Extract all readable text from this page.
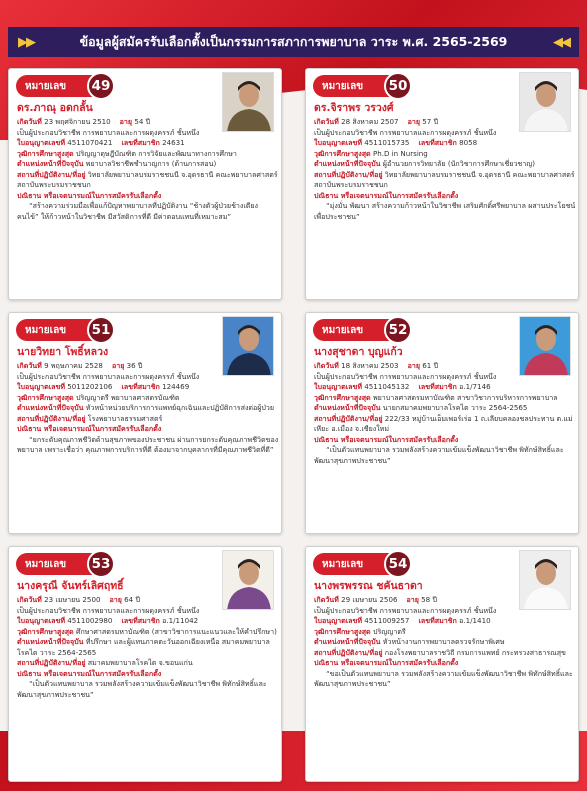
▶▶	ข้อมูลผู้สมัครรับเลือกตั้งเป็นกรรมการสภาการพยาบาล วาระ พ.ศ. 2565-2569	◀◀
หมายเลข	49
ดร.ภาณุ อดกลั้น
เกิดวันที่ 23 พฤศจิกายน 2510 อายุ 54 ปี
เป็นผู้ประกอบวิชาชีพ การพยาบาลและการผดุงครรภ์ ชั้นหนึ่ง
ใบอนุญาตเลขที่ 4511070421 เลขที่สมาชิก 24631
วุฒิการศึกษาสูงสุด ปริญญาดุษฎีบัณฑิต การวิจัยและพัฒนาทางการศึกษา
ตำแหน่งหน้าที่ปัจจุบัน พยาบาลวิชาชีพชำนาญการ (ด้านการสอน)
สถานที่ปฏิบัติงาน/ที่อยู่ วิทยาลัยพยาบาลบรมราชชนนี จ.อุดรธานี คณะพยาบาลศาสตร์ สถาบันพระบรมราชชนก
ปณิธาน หรือเจตนารมณ์ในการสมัครรับเลือกตั้ง
“สร้างความร่วมมือเพื่อแก้ปัญหาพยาบาลที่ปฏิบัติงาน “ช้างตัวผู้ป่วยช้างเตียงคนไข้” ให้ก้าวหน้าในวิชาชีพ มีสวัสดิการที่ดี มีค่าตอบแทนที่เหมาะสม”
หมายเลข	50
ดร.จิราพร วรวงศ์
เกิดวันที่ 28 สิงหาคม 2507 อายุ 57 ปี
เป็นผู้ประกอบวิชาชีพ การพยาบาลและการผดุงครรภ์ ชั้นหนึ่ง
ใบอนุญาตเลขที่ 4511015735 เลขที่สมาชิก 8058
วุฒิการศึกษาสูงสุด Ph.D in Nursing
ตำแหน่งหน้าที่ปัจจุบัน ผู้อำนวยการวิทยาลัย (นักวิชาการศึกษาเชี่ยวชาญ)
สถานที่ปฏิบัติงาน/ที่อยู่ วิทยาลัยพยาบาลบรมราชชนนี จ.อุดรธานี คณะพยาบาลศาสตร์ สถาบันพระบรมราชชนก
ปณิธาน หรือเจตนารมณ์ในการสมัครรับเลือกตั้ง
“มุ่งมั่น พัฒนา สร้างความก้าวหน้าในวิชาชีพ เสริมศักดิ์ศรีพยาบาล ผสานประโยชน์เพื่อประชาชน”
หมายเลข	51
นายวิทยา โพธิ์หลวง
เกิดวันที่ 9 พฤษภาคม 2528 อายุ 36 ปี
เป็นผู้ประกอบวิชาชีพ การพยาบาลและการผดุงครรภ์ ชั้นหนึ่ง
ใบอนุญาตเลขที่ 5011202106 เลขที่สมาชิก 124469
วุฒิการศึกษาสูงสุด ปริญญาตรี พยาบาลศาสตรบัณฑิต
ตำแหน่งหน้าที่ปัจจุบัน หัวหน้าหน่วยบริการการแพทย์ฉุกเฉินและปฏิบัติการส่งต่อผู้ป่วย
สถานที่ปฏิบัติงาน/ที่อยู่ โรงพยาบาลธรรมศาสตร์
ปณิธาน หรือเจตนารมณ์ในการสมัครรับเลือกตั้ง
“ยกระดับคุณภาพชีวิตด้านสุขภาพของประชาชน ผ่านการยกระดับคุณภาพชีวิตของพยาบาล เพราะเชื่อว่า คุณภาพการบริการที่ดี ต้องมาจากบุคลากรที่มีคุณภาพชีวิตที่ดี”
หมายเลข	52
นางสุชาดา บุญแก้ว
เกิดวันที่ 18 สิงหาคม 2503 อายุ 61 ปี
เป็นผู้ประกอบวิชาชีพ การพยาบาลและการผดุงครรภ์ ชั้นหนึ่ง
ใบอนุญาตเลขที่ 4511045132 เลขที่สมาชิก อ.1/7146
วุฒิการศึกษาสูงสุด พยาบาลศาสตรมหาบัณฑิต สาขาวิชาการบริหารการพยาบาล
ตำแหน่งหน้าที่ปัจจุบัน นายกสมาคมพยาบาลโรคไต วาระ 2564-2565
สถานที่ปฏิบัติงาน/ที่อยู่ 222/33 หมู่บ้านเอ็มเพอร์เร่อ 1 ถ.เลียบคลองชลประทาน ต.แม่เหียะ อ.เมือง จ.เชียงใหม่
ปณิธาน หรือเจตนารมณ์ในการสมัครรับเลือกตั้ง
“เป็นตัวแทนพยาบาล รวมพลังสร้างความเข้มแข็งพัฒนาวิชาชีพ พิทักษ์สิทธิ์และพัฒนาสุขภาพประชาชน”
หมายเลข	53
นางครุณี จันทร์เลิศฤทธิ์
เกิดวันที่ 23 เมษายน 2500 อายุ 64 ปี
เป็นผู้ประกอบวิชาชีพ การพยาบาลและการผดุงครรภ์ ชั้นหนึ่ง
ใบอนุญาตเลขที่ 4511002980 เลขที่สมาชิก อ.1/11042
วุฒิการศึกษาสูงสุด ศึกษาศาสตรมหาบัณฑิต (สาขาวิชาการแนะแนวและให้คำปรึกษา)
ตำแหน่งหน้าที่ปัจจุบัน ที่ปรึกษา และผู้แทนภาคตะวันออกเฉียงเหนือ สมาคมพยาบาลโรคไต วาระ 2564-2565
สถานที่ปฏิบัติงาน/ที่อยู่ สมาคมพยาบาลโรคไต จ.ขอนแก่น
ปณิธาน หรือเจตนารมณ์ในการสมัครรับเลือกตั้ง
“เป็นตัวแทนพยาบาล รวมพลังสร้างความเข้มแข็งพัฒนาวิชาชีพ พิทักษ์สิทธิ์และพัฒนาสุขภาพประชาชน”
หมายเลข	54
นางพรพรรณ ชคันธาดา
เกิดวันที่ 29 เมษายน 2506 อายุ 58 ปี
เป็นผู้ประกอบวิชาชีพ การพยาบาลและการผดุงครรภ์ ชั้นหนึ่ง
ใบอนุญาตเลขที่ 4511009257 เลขที่สมาชิก อ.1/1410
วุฒิการศึกษาสูงสุด ปริญญาตรี
ตำแหน่งหน้าที่ปัจจุบัน หัวหน้างานการพยาบาลตรวจรักษาพิเศษ
สถานที่ปฏิบัติงาน/ที่อยู่ กองโรงพยาบาลราชวิถี กรมการแพทย์ กระทรวงสาธารณสุข
ปณิธาน หรือเจตนารมณ์ในการสมัครรับเลือกตั้ง
“ขอเป็นตัวแทนพยาบาล รวมพลังสร้างความเข้มแข็งพัฒนาวิชาชีพ พิทักษ์สิทธิ์และพัฒนาสุขภาพประชาชน”
